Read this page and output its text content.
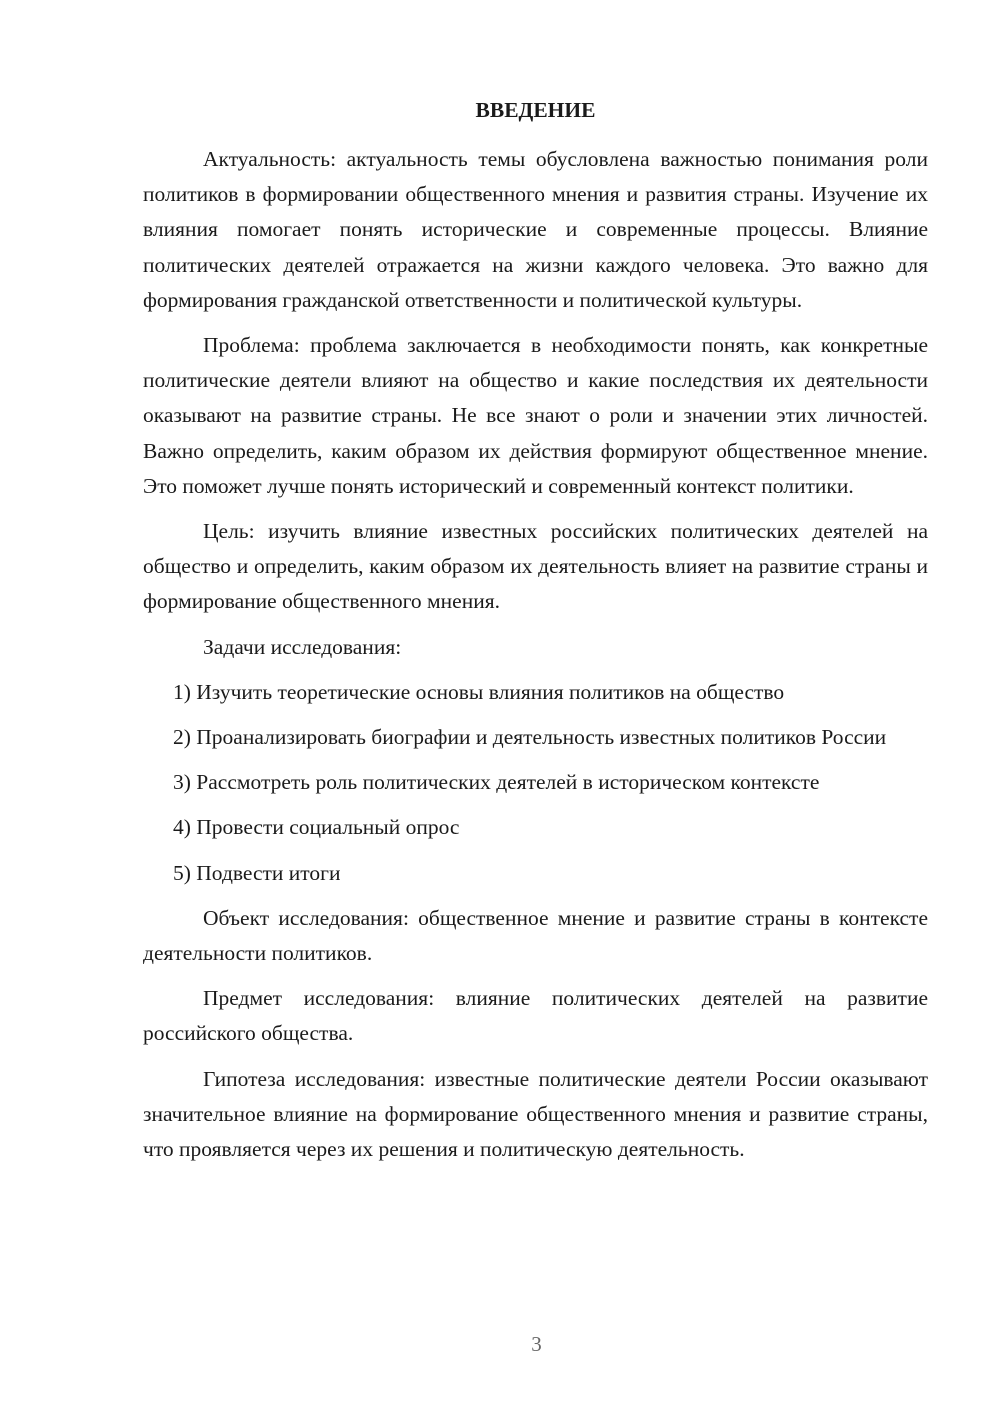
ВВЕДЕНИЕ

Актуальность: актуальность темы обусловлена важностью понимания роли политиков в формировании общественного мнения и развития страны. Изучение их влияния помогает понять исторические и современные процессы. Влияние политических деятелей отражается на жизни каждого человека. Это важно для формирования гражданской ответственности и политической культуры.

Проблема: проблема заключается в необходимости понять, как конкретные политические деятели влияют на общество и какие последствия их деятельности оказывают на развитие страны. Не все знают о роли и значении этих личностей. Важно определить, каким образом их действия формируют общественное мнение. Это поможет лучше понять исторический и современный контекст политики.

Цель: изучить влияние известных российских политических деятелей на общество и определить, каким образом их деятельность влияет на развитие страны и формирование общественного мнения.

Задачи исследования:

1) Изучить теоретические основы влияния политиков на общество

2) Проанализировать биографии и деятельность известных политиков России

3) Рассмотреть роль политических деятелей в историческом контексте

4) Провести социальный опрос

5) Подвести итоги

Объект исследования: общественное мнение и развитие страны в контексте деятельности политиков.

Предмет исследования: влияние политических деятелей на развитие российского общества.

Гипотеза исследования: известные политические деятели России оказывают значительное влияние на формирование общественного мнения и развитие страны, что проявляется через их решения и политическую деятельность.

3
